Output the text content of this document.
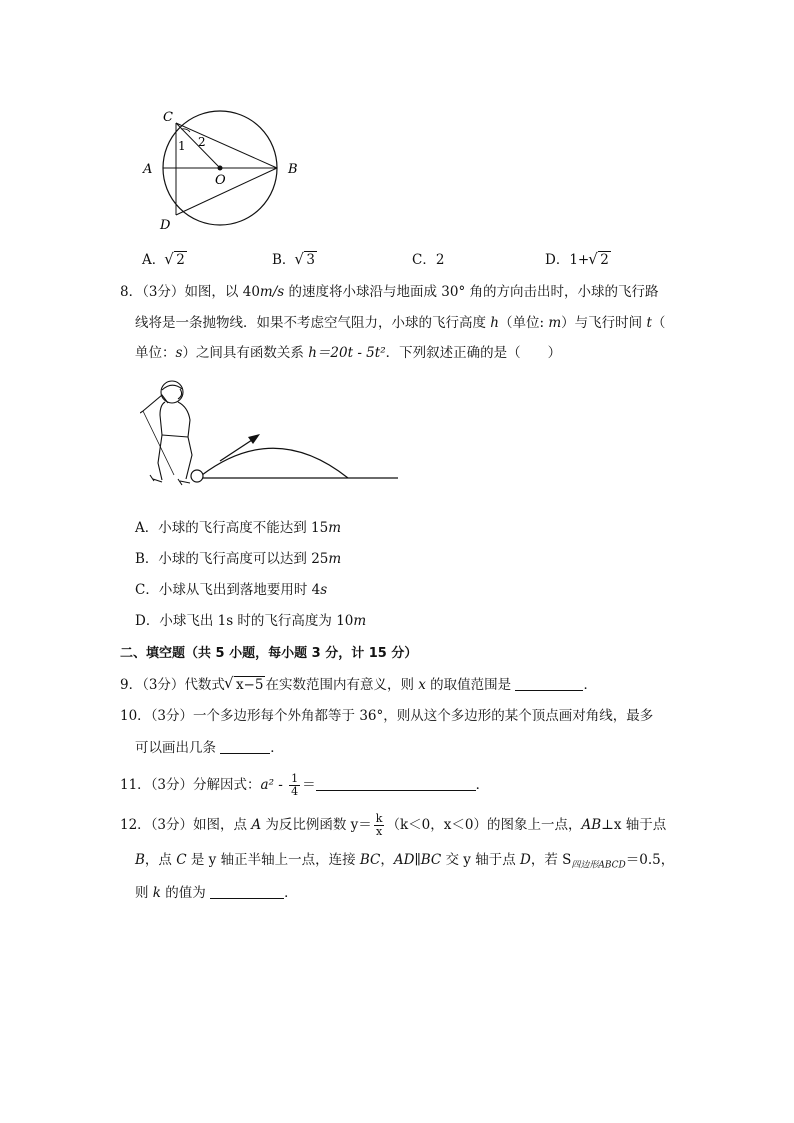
C
A
O
B
D
1 2
A． √ 2	B． √ 3	C．2	D．1+ √ 2
8．（3分）如图，以 40m/s 的速度将小球沿与地面成 30° 角的方向击出时，小球的飞行路
线将是一条抛物线．如果不考虑空气阻力，小球的飞行高度 h（单位: m）与飞行时间 t（
单位：s）之间具有函数关系 h＝20t - 5t²．下列叙述正确的是（　　）
A．小球的飞行高度不能达到 15m
B．小球的飞行高度可以达到 25m
C．小球从飞出到落地要用时 4s
D．小球飞出 1s 时的飞行高度为 10m
二、填空题（共 5 小题，每小题 3 分，计 15 分）
9．（3分）代数式 √ x−5 在实数范围内有意义，则 x 的取值范围是	．
10．（3分）一个多边形每个外角都等于 36°，则从这个多边形的某个顶点画对角线，最多
可以画出几条	．
11．（3分）分解因式：$a^2 - \frac{1}{4}$ ＝	．
12．（3分）如图，点 A 为反比例函数 $y= \frac{k}{x} (k<0$，x＜0）的图象上一点，AB⊥x 轴于点
B，点 C 是 y 轴正半轴上一点，连接 BC，AD∥BC 交 y 轴于点 D，若 $S_{四边形ABCD}=0.5$，
则 k 的值为	．
